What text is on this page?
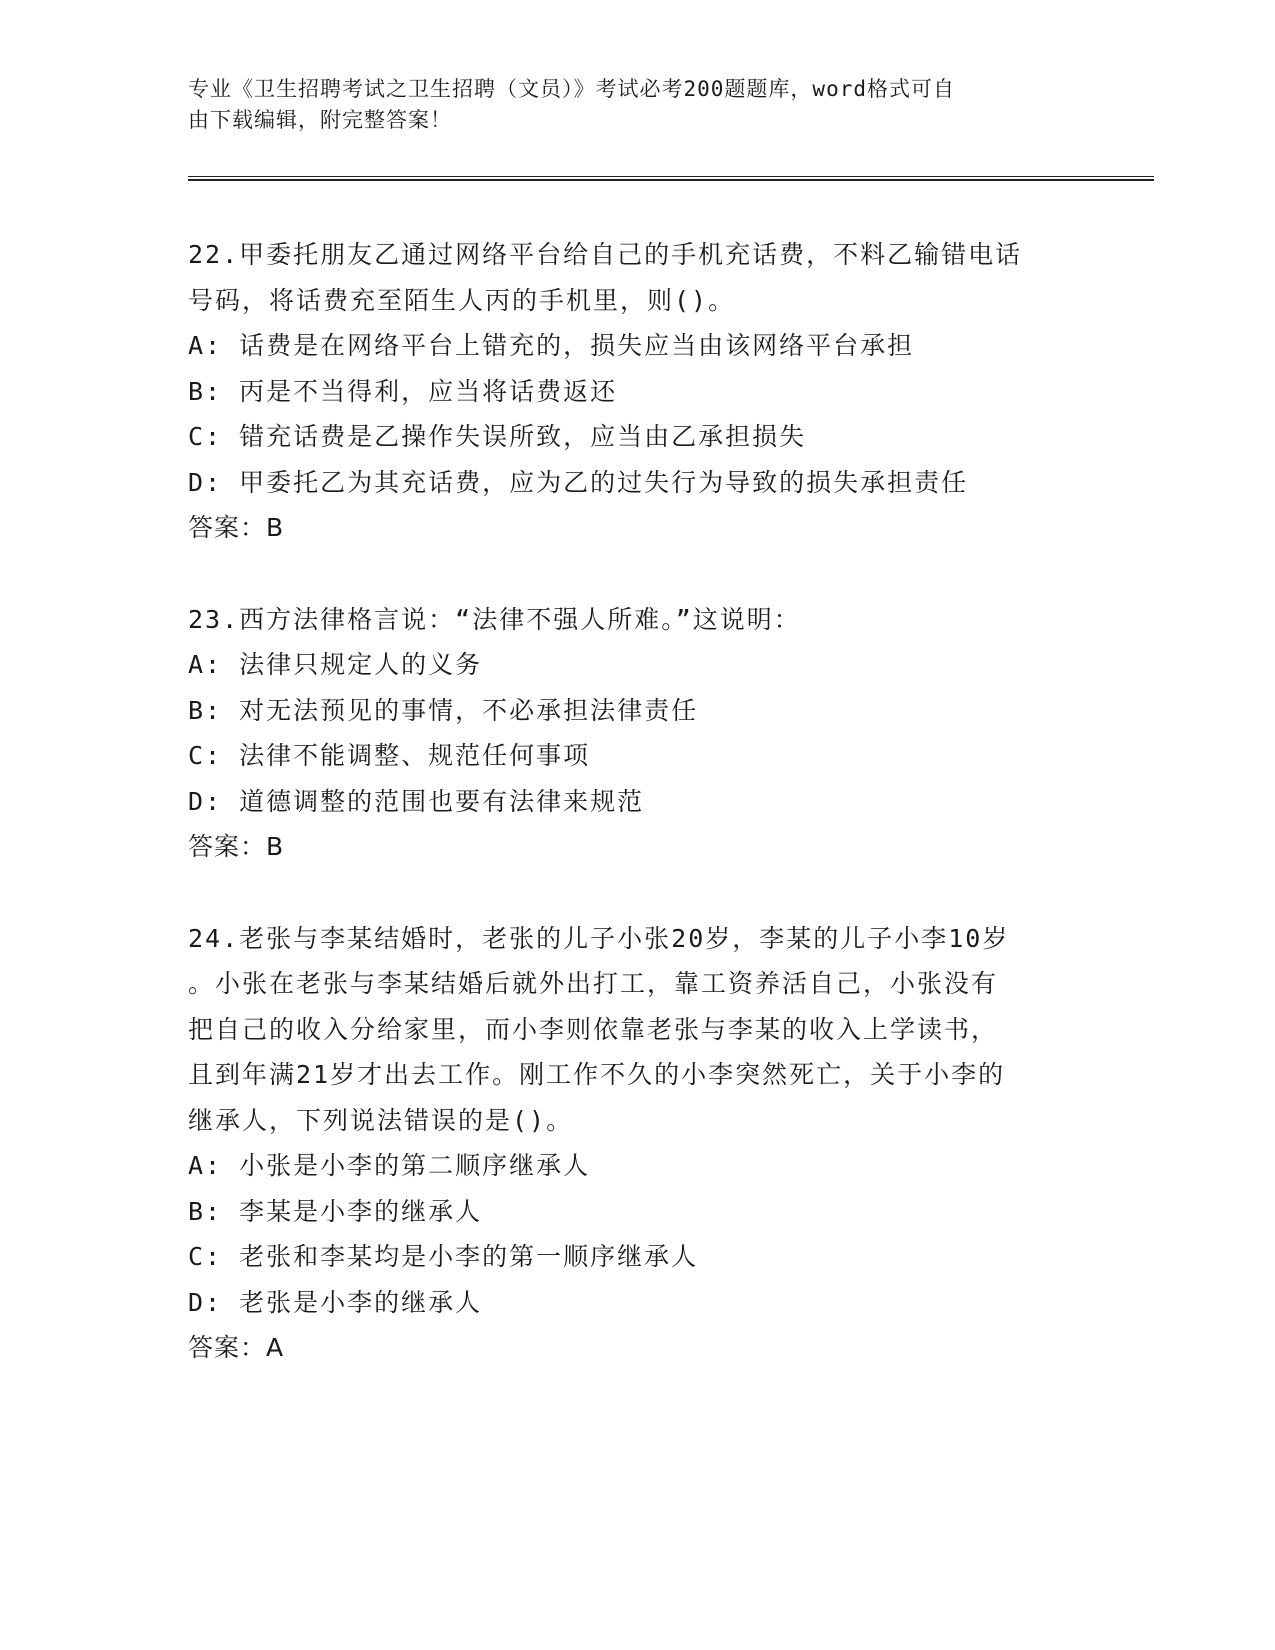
专业《卫生招聘考试之卫生招聘（文员）》考试必考200题题库，word格式可自
由下载编辑，附完整答案！
22.甲委托朋友乙通过网络平台给自己的手机充话费，不料乙输错电话
号码，将话费充至陌生人丙的手机里，则()。
A: 话费是在网络平台上错充的，损失应当由该网络平台承担
B: 丙是不当得利，应当将话费返还
C: 错充话费是乙操作失误所致，应当由乙承担损失
D: 甲委托乙为其充话费，应为乙的过失行为导致的损失承担责任
答案：B
23.西方法律格言说：“法律不强人所难。”这说明：
A: 法律只规定人的义务
B: 对无法预见的事情，不必承担法律责任
C: 法律不能调整、规范任何事项
D: 道德调整的范围也要有法律来规范
答案：B
24.老张与李某结婚时，老张的儿子小张20岁，李某的儿子小李10岁
。小张在老张与李某结婚后就外出打工，靠工资养活自己，小张没有
把自己的收入分给家里，而小李则依靠老张与李某的收入上学读书，
且到年满21岁才出去工作。刚工作不久的小李突然死亡，关于小李的
继承人，下列说法错误的是()。
A: 小张是小李的第二顺序继承人
B: 李某是小李的继承人
C: 老张和李某均是小李的第一顺序继承人
D: 老张是小李的继承人
答案：A
